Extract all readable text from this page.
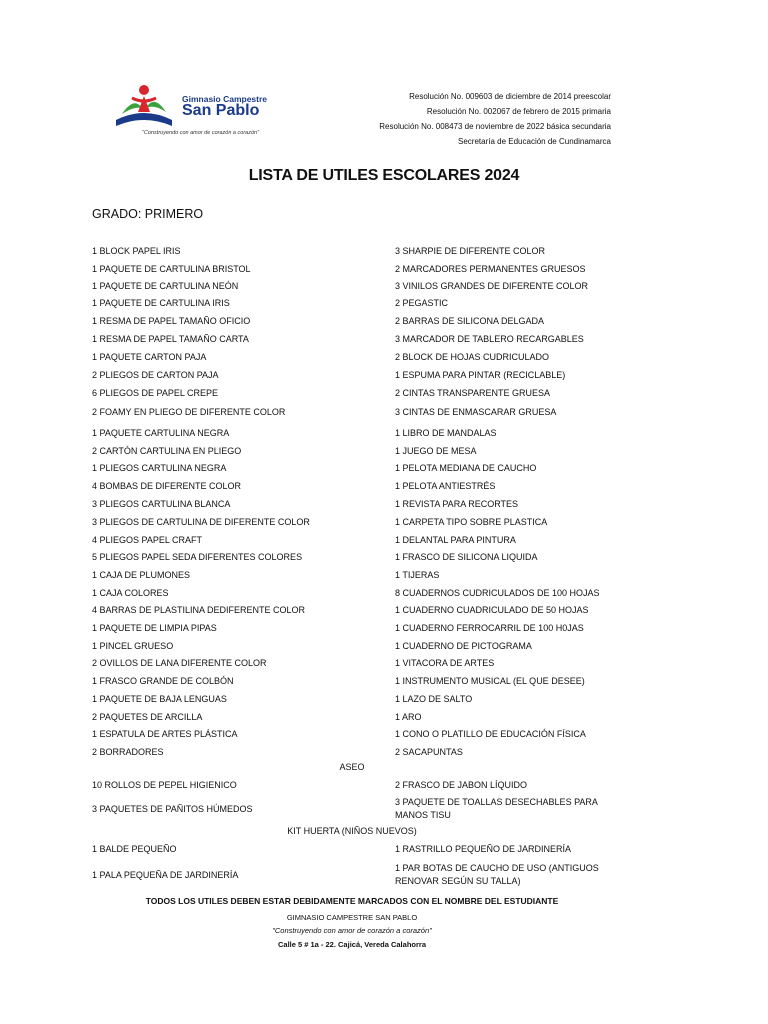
Gimnasio Campestre
San Pablo
"Construyendo con amor de corazón a corazón"
Resolución No. 009603 de diciembre de 2014 preescolar
Resolución No. 002067 de febrero de 2015 primaria
Resolución No. 008473 de noviembre de 2022 básica secundaria
Secretaría de Educación de Cundinamarca
LISTA DE UTILES ESCOLARES 2024
GRADO: PRIMERO
1 BLOCK PAPEL IRIS
1 PAQUETE DE CARTULINA BRISTOL
1 PAQUETE DE CARTULINA NEÓN
1 PAQUETE DE CARTULINA IRIS
1 RESMA DE PAPEL TAMAÑO OFICIO
1 RESMA DE PAPEL TAMAÑO CARTA
1 PAQUETE CARTON PAJA
2 PLIEGOS DE CARTON PAJA
6 PLIEGOS DE PAPEL CREPE
2 FOAMY EN PLIEGO DE DIFERENTE COLOR
1 PAQUETE CARTULINA NEGRA
2 CARTÓN CARTULINA EN PLIEGO
1 PLIEGOS CARTULINA NEGRA
4 BOMBAS DE DIFERENTE COLOR
3 PLIEGOS CARTULINA BLANCA
3 PLIEGOS DE CARTULINA DE DIFERENTE COLOR
4 PLIEGOS PAPEL CRAFT
5 PLIEGOS PAPEL SEDA DIFERENTES COLORES
1 CAJA DE PLUMONES
1 CAJA COLORES
4 BARRAS DE PLASTILINA DEDIFERENTE COLOR
1 PAQUETE DE LIMPIA PIPAS
1 PINCEL GRUESO
2 OVILLOS DE LANA DIFERENTE COLOR
1 FRASCO GRANDE DE COLBÓN
1 PAQUETE DE BAJA LENGUAS
2 PAQUETES DE ARCILLA
1 ESPATULA DE ARTES PLÁSTICA
2 BORRADORES
3 SHARPIE DE DIFERENTE COLOR
2 MARCADORES PERMANENTES GRUESOS
3 VINILOS GRANDES DE DIFERENTE COLOR
2 PEGASTIC
2 BARRAS DE SILICONA DELGADA
3 MARCADOR DE TABLERO RECARGABLES
2 BLOCK DE HOJAS CUDRICULADO
1 ESPUMA PARA PINTAR (RECICLABLE)
2 CINTAS TRANSPARENTE GRUESA
3 CINTAS DE ENMASCARAR GRUESA
1 LIBRO DE MANDALAS
1 JUEGO DE MESA
1 PELOTA MEDIANA DE CAUCHO
1 PELOTA ANTIESTRÉS
1 REVISTA PARA RECORTES
1 CARPETA TIPO SOBRE PLASTICA
1 DELANTAL PARA PINTURA
1 FRASCO DE SILICONA LIQUIDA
1 TIJERAS
8 CUADERNOS CUDRICULADOS DE 100 HOJAS
1 CUADERNO CUADRICULADO DE 50 HOJAS
1 CUADERNO FERROCARRIL DE 100 H0JAS
1 CUADERNO DE PICTOGRAMA
1 VITACORA DE ARTES
1 INSTRUMENTO MUSICAL (EL QUE DESEE)
1 LAZO DE SALTO
1 ARO
1 CONO O PLATILLO DE EDUCACIÓN FÍSICA
2 SACAPUNTAS
ASEO
10 ROLLOS DE PEPEL HIGIENICO
3 PAQUETES DE PAÑITOS HÚMEDOS
2 FRASCO DE JABON LÍQUIDO
3 PAQUETE DE TOALLAS DESECHABLES PARA MANOS TISU
KIT HUERTA (NIÑOS NUEVOS)
1 BALDE PEQUEÑO
1 PALA PEQUEÑA DE JARDINERÍA
1 RASTRILLO PEQUEÑO DE JARDINERÍA
1 PAR BOTAS DE CAUCHO DE USO (ANTIGUOS RENOVAR SEGÚN SU TALLA)
TODOS LOS UTILES DEBEN ESTAR DEBIDAMENTE MARCADOS CON EL NOMBRE DEL ESTUDIANTE
GIMNASIO CAMPESTRE SAN PABLO
"Construyendo con amor de corazón a corazón"
Calle 5 # 1a - 22. Cajicá, Vereda Calahorra
